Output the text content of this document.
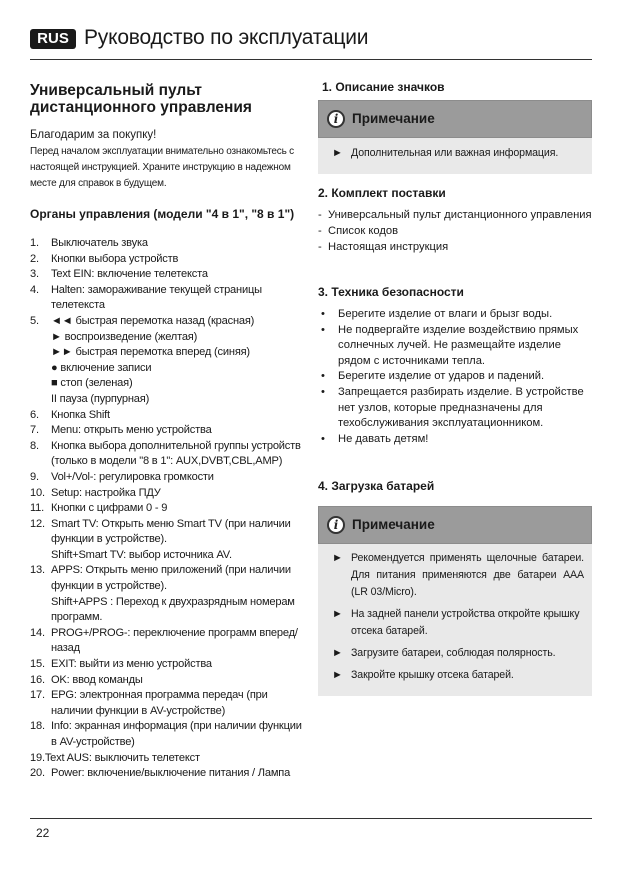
RUS Руководство по эксплуатации
Универсальный пульт
дистанционного управления
Благодарим за покупку!
Перед началом эксплуатации внимательно ознакомьтесь с настоящей инструкцией. Храните инструкцию в надежном месте для справок в будущем.
Органы управления (модели "4 в 1", "8 в 1")
1. Выключатель звука
2. Кнопки выбора устройств
3. Text EIN: включение телетекста
4. Halten: замораживание текущей страницы телетекста
5. ◄◄ быстрая перемотка назад (красная)
► воспроизведение (желтая)
►► быстрая перемотка вперед (синяя)
● включение записи
■ стоп (зеленая)
II пауза (пурпурная)
6. Кнопка Shift
7. Menu: открыть меню устройства
8. Кнопка выбора дополнительной группы устройств (только в модели "8 в 1": AUX,DVBT,CBL,AMP)
9. Vol+/Vol-: регулировка громкости
10. Setup: настройка ПДУ
11. Кнопки с цифрами 0 - 9
12. Smart TV: Открыть меню Smart TV (при наличии функции в устройстве).
Shift+Smart TV: выбор источника AV.
13. APPS: Открыть меню приложений (при наличии функции в устройстве).
Shift+APPS : Переход к двухразрядным номерам программ.
14. PROG+/PROG-: переключение программ вперед/назад
15. EXIT: выйти из меню устройства
16. OK: ввод команды
17. EPG: электронная программа передач (при наличии функции в AV-устройстве)
18. Info: экранная информация (при наличии функции в AV-устройстве)
19.Text AUS: выключить телетекст
20. Power: включение/выключение питания / Лампа
1. Описание значков
i	Примечание
► Дополнительная или важная информация.
2. Комплект поставки
- Универсальный пульт дистанционного управления
- Список кодов
- Настоящая инструкция
3. Техника безопасности
• Берегите изделие от влаги и брызг воды.
• Не подвергайте изделие воздействию прямых солнечных лучей. Не размещайте изделие рядом с источниками тепла.
• Берегите изделие от ударов и падений.
• Запрещается разбирать изделие. В устройстве нет узлов, которые предназначены для техобслуживания эксплуатационником.
• Не давать детям!
4. Загрузка батарей
i	Примечание
► Рекомендуется применять щелочные батареи. Для питания применяются две батареи AAA (LR 03/Micro).
► На задней панели устройства откройте крышку отсека батарей.
► Загрузите батареи, соблюдая полярность.
► Закройте крышку отсека батарей.
22
